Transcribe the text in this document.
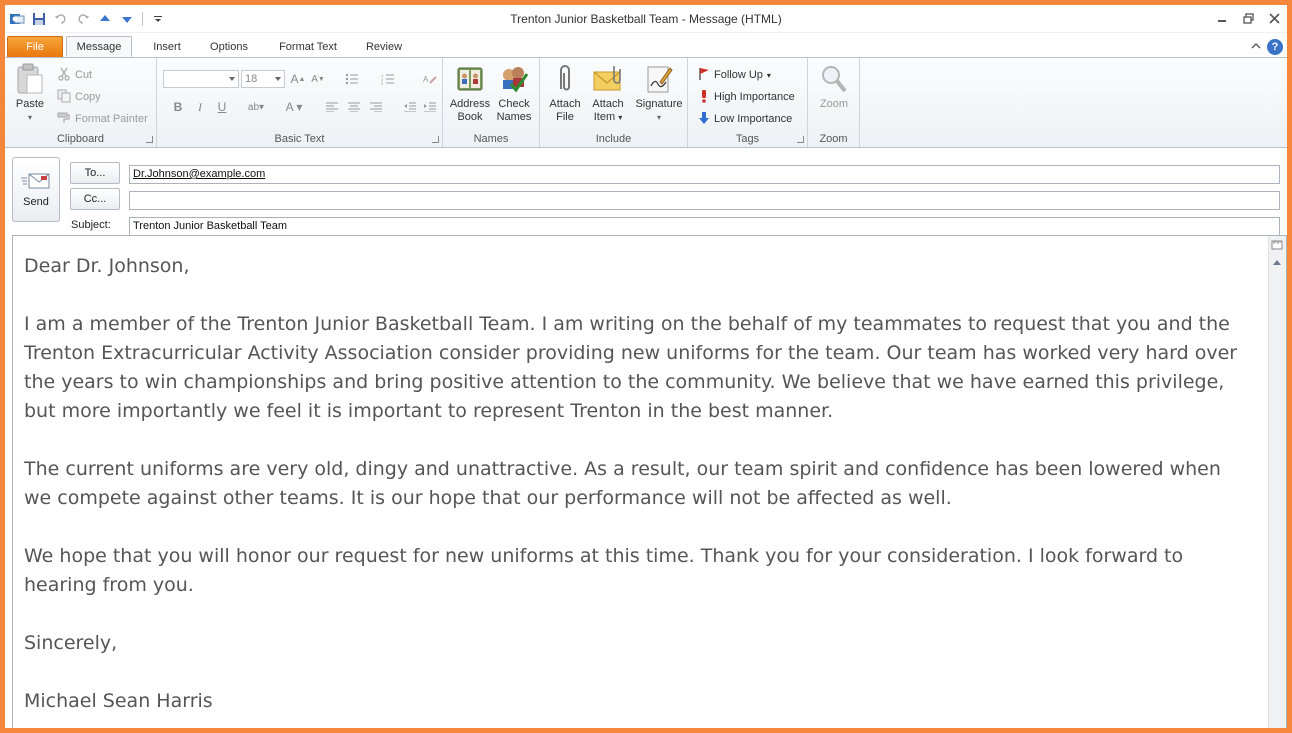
Trenton Junior Basketball Team - Message (HTML)
File	Message	Insert	Options	Format Text	Review	?
Paste
▾
Cut
Copy
Format Painter
Clipboard
18	A ▲ A ▼	1
2
3	A
B	I	U	ab▾	A ▾
Basic Text
Address
Book
Check
Names
Names
Attach
File
Attach
Item ▾
Signature
▾
Include
Follow Up ▾
High Importance
Low Importance
Tags
Zoom
Zoom
Send
To...
Cc...
Subject:
Dr.Johnson@example.com
Trenton Junior Basketball Team

Dear Dr. Johnson,

I am a member of the Trenton Junior Basketball Team. I am writing on the behalf of my teammates to request that you and the Trenton Extracurricular Activity Association consider providing new uniforms for the team. Our team has worked very hard over the years to win championships and bring positive attention to the community. We believe that we have earned this privilege, but more importantly we feel it is important to represent Trenton in the best manner.

The current uniforms are very old, dingy and unattractive. As a result, our team spirit and confidence has been lowered when we compete against other teams. It is our hope that our performance will not be affected as well.

We hope that you will honor our request for new uniforms at this time. Thank you for your consideration. I look forward to hearing from you.

Sincerely,

Michael Sean Harris
